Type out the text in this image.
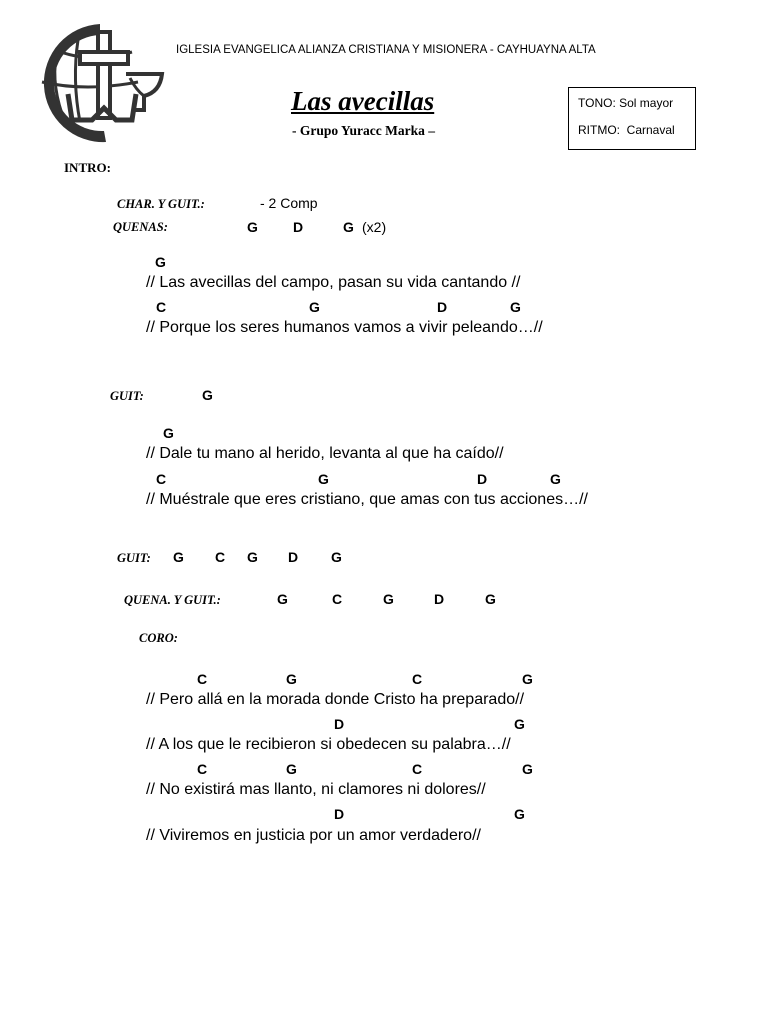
IGLESIA EVANGELICA ALIANZA CRISTIANA Y MISIONERA - CAYHUAYNA ALTA
Las avecillas
- Grupo Yuracc Marka –
TONO: Sol mayor
RITMO:  Carnaval
INTRO:
CHAR. Y GUIT.:	- 2 Comp
QUENAS:	G	D	G (x2)
G
// Las avecillas del campo, pasan su vida cantando //
C	G	D	G
// Porque los seres humanos vamos a vivir peleando…//
GUIT:	G
G
// Dale tu mano al herido, levanta al que ha caído//
C	G	D	G
// Muéstrale que eres cristiano, que amas con tus acciones…//
GUIT: G C G D G
QUENA. Y GUIT.:	G	C	G	D	G
CORO:
C	G	C	G
// Pero allá en la morada donde Cristo ha preparado//
D	G
// A los que le recibieron si obedecen su palabra…//
C	G	C	G
// No existirá mas llanto, ni clamores ni dolores//
D	G
// Viviremos en justicia por un amor verdadero//
